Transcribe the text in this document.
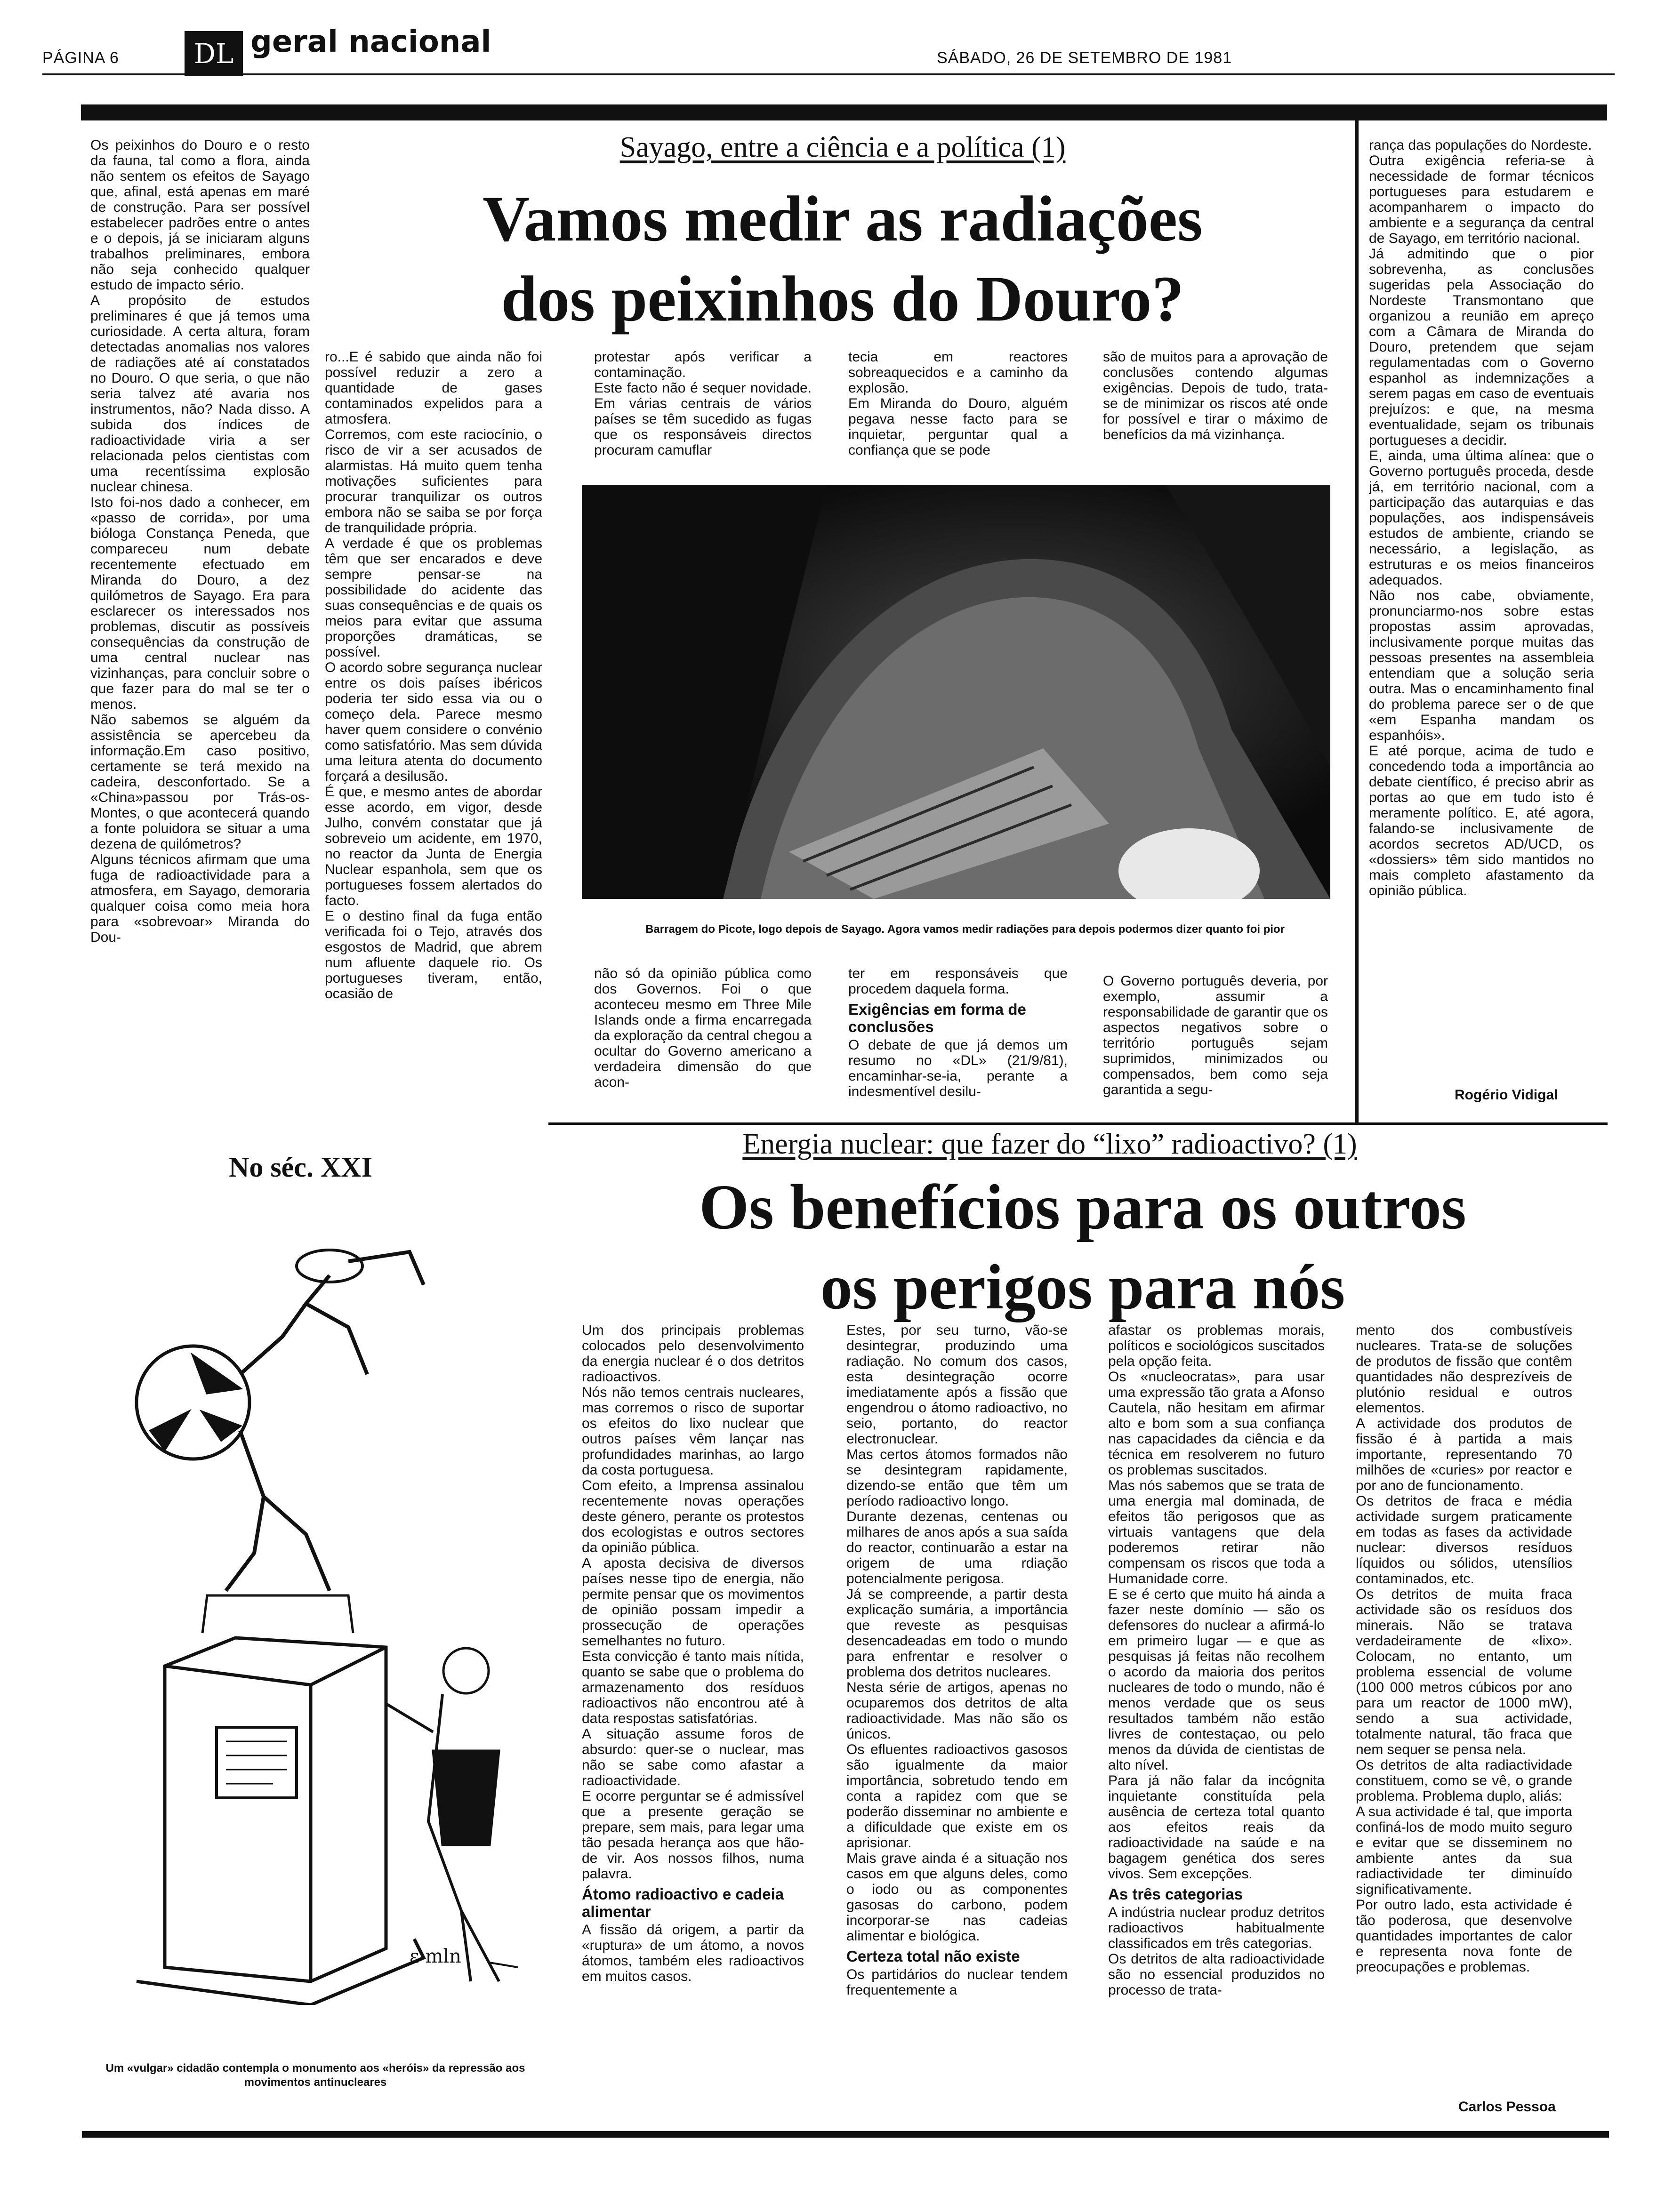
PÁGINA 6	DL geral nacional	SÁBADO, 26 DE SETEMBRO DE 1981
Sayago, entre a ciência e a política (1)
Vamos medir as radiações
dos peixinhos do Douro?
Os peixinhos do Douro e o resto da fauna, tal como a flora, ainda não sentem os efeitos de Sayago que, afinal, está apenas em maré de construção. Para ser possível estabelecer padrões entre o antes e o depois, já se iniciaram alguns trabalhos preliminares, embora não seja conhecido qualquer estudo de impacto sério.
A propósito de estudos preliminares é que já temos uma curiosidade. A certa altura, foram detectadas anomalias nos valores de radiações até aí constatados no Douro. O que seria, o que não seria talvez até avaria nos instrumentos, não? Nada disso. A subida dos índices de radioactividade viria a ser relacionada pelos cientistas com uma recentíssima explosão nuclear chinesa.
Isto foi-nos dado a conhecer, em «passo de corrida», por uma bióloga Constança Peneda, que compareceu num debate recentemente efectuado em Miranda do Douro, a dez quilómetros de Sayago. Era para esclarecer os interessados nos problemas, discutir as possíveis consequências da construção de uma central nuclear nas vizinhanças, para concluir sobre o que fazer para do mal se ter o menos.
Não sabemos se alguém da assistência se apercebeu da informação.Em caso positivo, certamente se terá mexido na cadeira, desconfortado. Se a «China»passou por Trás-os-Montes, o que acontecerá quando a fonte poluidora se situar a uma dezena de quilómetros?
Alguns técnicos afirmam que uma fuga de radioactividade para a atmosfera, em Sayago, demoraria qualquer coisa como meia hora para «sobrevoar» Miranda do Dou-
ro...E é sabido que ainda não foi possível reduzir a zero a quantidade de gases contaminados expelidos para a atmosfera.
Corremos, com este raciocínio, o risco de vir a ser acusados de alarmistas. Há muito quem tenha motivações suficientes para procurar tranquilizar os outros embora não se saiba se por força de tranquilidade própria.
A verdade é que os problemas têm que ser encarados e deve sempre pensar-se na possibilidade do acidente das suas consequências e de quais os meios para evitar que assuma proporções dramáticas, se possível.
O acordo sobre segurança nuclear entre os dois países ibéricos poderia ter sido essa via ou o começo dela. Parece mesmo haver quem considere o convénio como satisfatório. Mas sem dúvida uma leitura atenta do documento forçará a desilusão.
É que, e mesmo antes de abordar esse acordo, em vigor, desde Julho, convém constatar que já sobreveio um acidente, em 1970, no reactor da Junta de Energia Nuclear espanhola, sem que os portugueses fossem alertados do facto.
E o destino final da fuga então verificada foi o Tejo, através dos esgostos de Madrid, que abrem num afluente daquele rio. Os portugueses tiveram, então, ocasião de
protestar após verificar a contaminação.
Este facto não é sequer novidade. Em várias centrais de vários países se têm sucedido as fugas que os responsáveis directos procuram camuflar
tecia em reactores sobreaquecidos e a caminho da explosão.
Em Miranda do Douro, alguém pegava nesse facto para se inquietar, perguntar qual a confiança que se pode
são de muitos para a aprovação de conclusões contendo algumas exigências. Depois de tudo, trata-se de minimizar os riscos até onde for possível e tirar o máximo de benefícios da má vizinhança.
Barragem do Picote, logo depois de Sayago. Agora vamos medir radiações para depois podermos dizer quanto foi pior
não só da opinião pública como dos Governos. Foi o que aconteceu mesmo em Three Mile Islands onde a firma encarregada da exploração da central chegou a ocultar do Governo americano a verdadeira dimensão do que acon-
ter em responsáveis que procedem daquela forma.
Exigências em forma de conclusões
O debate de que já demos um resumo no «DL» (21/9/81), encaminhar-se-ia, perante a indesmentível desilu-
O Governo português deveria, por exemplo, assumir a responsabilidade de garantir que os aspectos negativos sobre o território português sejam suprimidos, minimizados ou compensados, bem como seja garantida a segu-
rança das populações do Nordeste.
Outra exigência referia-se à necessidade de formar técnicos portugueses para estudarem e acompanharem o impacto do ambiente e a segurança da central de Sayago, em território nacional.
Já admitindo que o pior sobrevenha, as conclusões sugeridas pela Associação do Nordeste Transmontano que organizou a reunião em apreço com a Câmara de Miranda do Douro, pretendem que sejam regulamentadas com o Governo espanhol as indemnizações a serem pagas em caso de eventuais prejuízos: e que, na mesma eventualidade, sejam os tribunais portugueses a decidir.
E, ainda, uma última alínea: que o Governo português proceda, desde já, em território nacional, com a participação das autarquias e das populações, aos indispensáveis estudos de ambiente, criando se necessário, a legislação, as estruturas e os meios financeiros adequados.
Não nos cabe, obviamente, pronunciarmo-nos sobre estas propostas assim aprovadas, inclusivamente porque muitas das pessoas presentes na assembleia entendiam que a solução seria outra. Mas o encaminhamento final do problema parece ser o de que «em Espanha mandam os espanhóis».
E até porque, acima de tudo e concedendo toda a importância ao debate científico, é preciso abrir as portas ao que em tudo isto é meramente político. E, até agora, falando-se inclusivamente de acordos secretos AD/UCD, os «dossiers» têm sido mantidos no mais completo afastamento da opinião pública.
Rogério Vidigal
No séc. XXI
ε mln
Um «vulgar» cidadão contempla o monumento aos «heróis» da repressão aos movimentos antinucleares
Energia nuclear: que fazer do “lixo” radioactivo? (1)
Os benefícios para os outros
os perigos para nós
Um dos principais problemas colocados pelo desenvolvimento da energia nuclear é o dos detritos radioactivos.
Nós não temos centrais nucleares, mas corremos o risco de suportar os efeitos do lixo nuclear que outros países vêm lançar nas profundidades marinhas, ao largo da costa portuguesa.
Com efeito, a Imprensa assinalou recentemente novas operações deste género, perante os protestos dos ecologistas e outros sectores da opinião pública.
A aposta decisiva de diversos países nesse tipo de energia, não permite pensar que os movimentos de opinião possam impedir a prossecução de operações semelhantes no futuro.
Esta convicção é tanto mais nítida, quanto se sabe que o problema do armazenamento dos resíduos radioactivos não encontrou até à data respostas satisfatórias.
A situação assume foros de absurdo: quer-se o nuclear, mas não se sabe como afastar a radioactividade.
E ocorre perguntar se é admissível que a presente geração se prepare, sem mais, para legar uma tão pesada herança aos que hão-de vir. Aos nossos filhos, numa palavra.
Átomo radioactivo e cadeia alimentar
A fissão dá origem, a partir da «ruptura» de um átomo, a novos átomos, também eles radioactivos em muitos casos.
Estes, por seu turno, vão-se desintegrar, produzindo uma radiação. No comum dos casos, esta desintegração ocorre imediatamente após a fissão que engendrou o átomo radioactivo, no seio, portanto, do reactor electronuclear.
Mas certos átomos formados não se desintegram rapidamente, dizendo-se então que têm um período radioactivo longo.
Durante dezenas, centenas ou milhares de anos após a sua saída do reactor, continuarão a estar na origem de uma rdiação potencialmente perigosa.
Já se compreende, a partir desta explicação sumária, a importância que reveste as pesquisas desencadeadas em todo o mundo para enfrentar e resolver o problema dos detritos nucleares.
Nesta série de artigos, apenas no ocuparemos dos detritos de alta radioactividade. Mas não são os únicos.
Os efluentes radioactivos gasosos são igualmente da maior importância, sobretudo tendo em conta a rapidez com que se poderão disseminar no ambiente e a dificuldade que existe em os aprisionar.
Mais grave ainda é a situação nos casos em que alguns deles, como o iodo ou as componentes gasosas do carbono, podem incorporar-se nas cadeias alimentar e biológica.
Certeza total não existe
Os partidários do nuclear tendem frequentemente a
afastar os problemas morais, políticos e sociológicos suscitados pela opção feita.
Os «nucleocratas», para usar uma expressão tão grata a Afonso Cautela, não hesitam em afirmar alto e bom som a sua confiança nas capacidades da ciência e da técnica em resolverem no futuro os problemas suscitados.
Mas nós sabemos que se trata de uma energia mal dominada, de efeitos tão perigosos que as virtuais vantagens que dela poderemos retirar não compensam os riscos que toda a Humanidade corre.
E se é certo que muito há ainda a fazer neste domínio — são os defensores do nuclear a afirmá-lo em primeiro lugar — e que as pesquisas já feitas não recolhem o acordo da maioria dos peritos nucleares de todo o mundo, não é menos verdade que os seus resultados também não estão livres de contestaçao, ou pelo menos da dúvida de cientistas de alto nível.
Para já não falar da incógnita inquietante constituída pela ausência de certeza total quanto aos efeitos reais da radioactividade na saúde e na bagagem genética dos seres vivos. Sem excepções.
As três categorias
A indústria nuclear produz detritos radioactivos habitualmente classificados em três categorias.
Os detritos de alta radioactividade são no essencial produzidos no processo de trata-
mento dos combustíveis nucleares. Trata-se de soluções de produtos de fissão que contêm quantidades não desprezíveis de plutónio residual e outros elementos.
A actividade dos produtos de fissão é à partida a mais importante, representando 70 milhões de «curies» por reactor e por ano de funcionamento.
Os detritos de fraca e média actividade surgem praticamente em todas as fases da actividade nuclear: diversos resíduos líquidos ou sólidos, utensílios contaminados, etc.
Os detritos de muita fraca actividade são os resíduos dos minerais. Não se tratava verdadeiramente de «lixo». Colocam, no entanto, um problema essencial de volume (100 000 metros cúbicos por ano para um reactor de 1000 mW), sendo a sua actividade, totalmente natural, tão fraca que nem sequer se pensa nela.
Os detritos de alta radiactividade constituem, como se vê, o grande problema. Problema duplo, aliás:
A sua actividade é tal, que importa confiná-los de modo muito seguro e evitar que se disseminem no ambiente antes da sua radiactividade ter diminuído significativamente.
Por outro lado, esta actividade é tão poderosa, que desenvolve quantidades importantes de calor e representa nova fonte de preocupações e problemas.
Carlos Pessoa
